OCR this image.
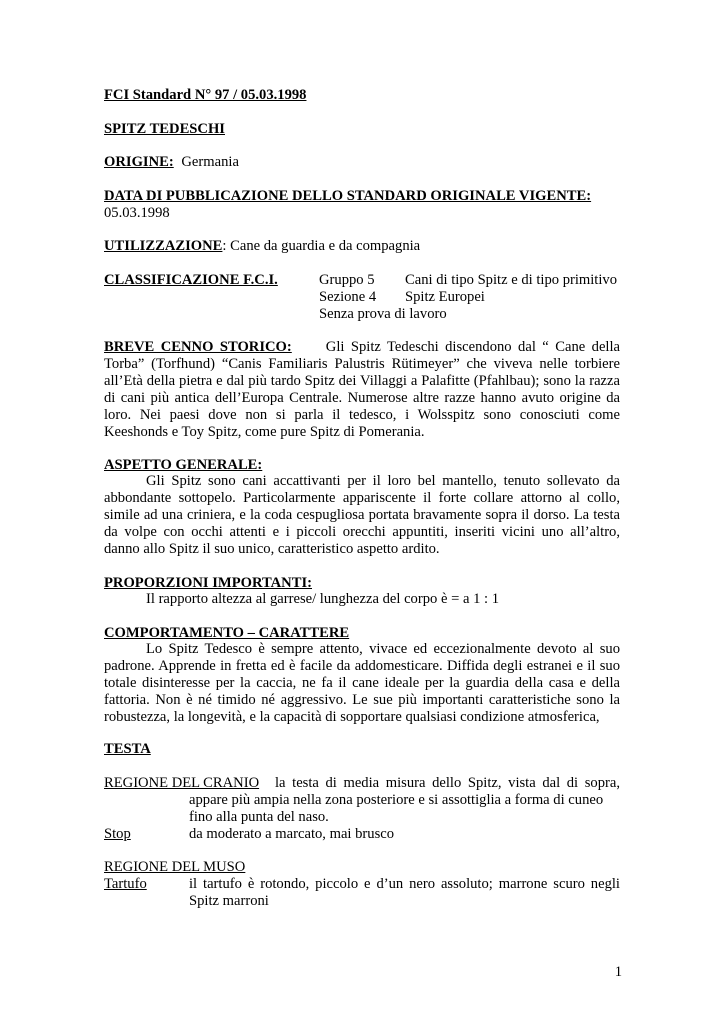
FCI Standard N° 97 / 05.03.1998
SPITZ TEDESCHI
ORIGINE: Germania
DATA DI PUBBLICAZIONE DELLO STANDARD ORIGINALE VIGENTE:
05.03.1998
UTILIZZAZIONE: Cane da guardia e da compagnia
CLASSIFICAZIONE F.C.I.	Gruppo 5 Cani di tipo Spitz e di tipo primitivo
Sezione 4 Spitz Europei
Senza prova di lavoro
BREVE CENNO STORICO: Gli Spitz Tedeschi discendono dal “ Cane della Torba” (Torfhund) “Canis Familiaris Palustris Rütimeyer” che viveva nelle torbiere all’Età della pietra e dal più tardo Spitz dei Villaggi a Palafitte (Pfahlbau); sono la razza di cani più antica dell’Europa Centrale. Numerose altre razze hanno avuto origine da loro. Nei paesi dove non si parla il tedesco, i Wolsspitz sono conosciuti come Keeshonds e Toy Spitz, come pure Spitz di Pomerania.
ASPETTO GENERALE:
Gli Spitz sono cani accattivanti per il loro bel mantello, tenuto sollevato da abbondante sottopelo. Particolarmente appariscente il forte collare attorno al collo, simile ad una criniera, e la coda cespugliosa portata bravamente sopra il dorso. La testa da volpe con occhi attenti e i piccoli orecchi appuntiti, inseriti vicini uno all’altro, danno allo Spitz il suo unico, caratteristico aspetto ardito.
PROPORZIONI IMPORTANTI:
Il rapporto altezza al garrese/ lunghezza del corpo è = a 1 : 1
COMPORTAMENTO – CARATTERE
Lo Spitz Tedesco è sempre attento, vivace ed eccezionalmente devoto al suo padrone. Apprende in fretta ed è facile da addomesticare. Diffida degli estranei e il suo totale disinteresse per la caccia, ne fa il cane ideale per la guardia della casa e della fattoria. Non è né timido né aggressivo. Le sue più importanti caratteristiche sono la robustezza, la longevità, e la capacità di sopportare qualsiasi condizione atmosferica,
TESTA
REGIONE DEL CRANIO la testa di media misura dello Spitz, vista dal di sopra,
appare più ampia nella zona posteriore e si assottiglia a forma di cuneo
fino alla punta del naso.
Stop	da moderato a marcato, mai brusco
REGIONE DEL MUSO
Tartufo	il tartufo è rotondo, piccolo e d’un nero assoluto; marrone scuro negli Spitz marroni
1
